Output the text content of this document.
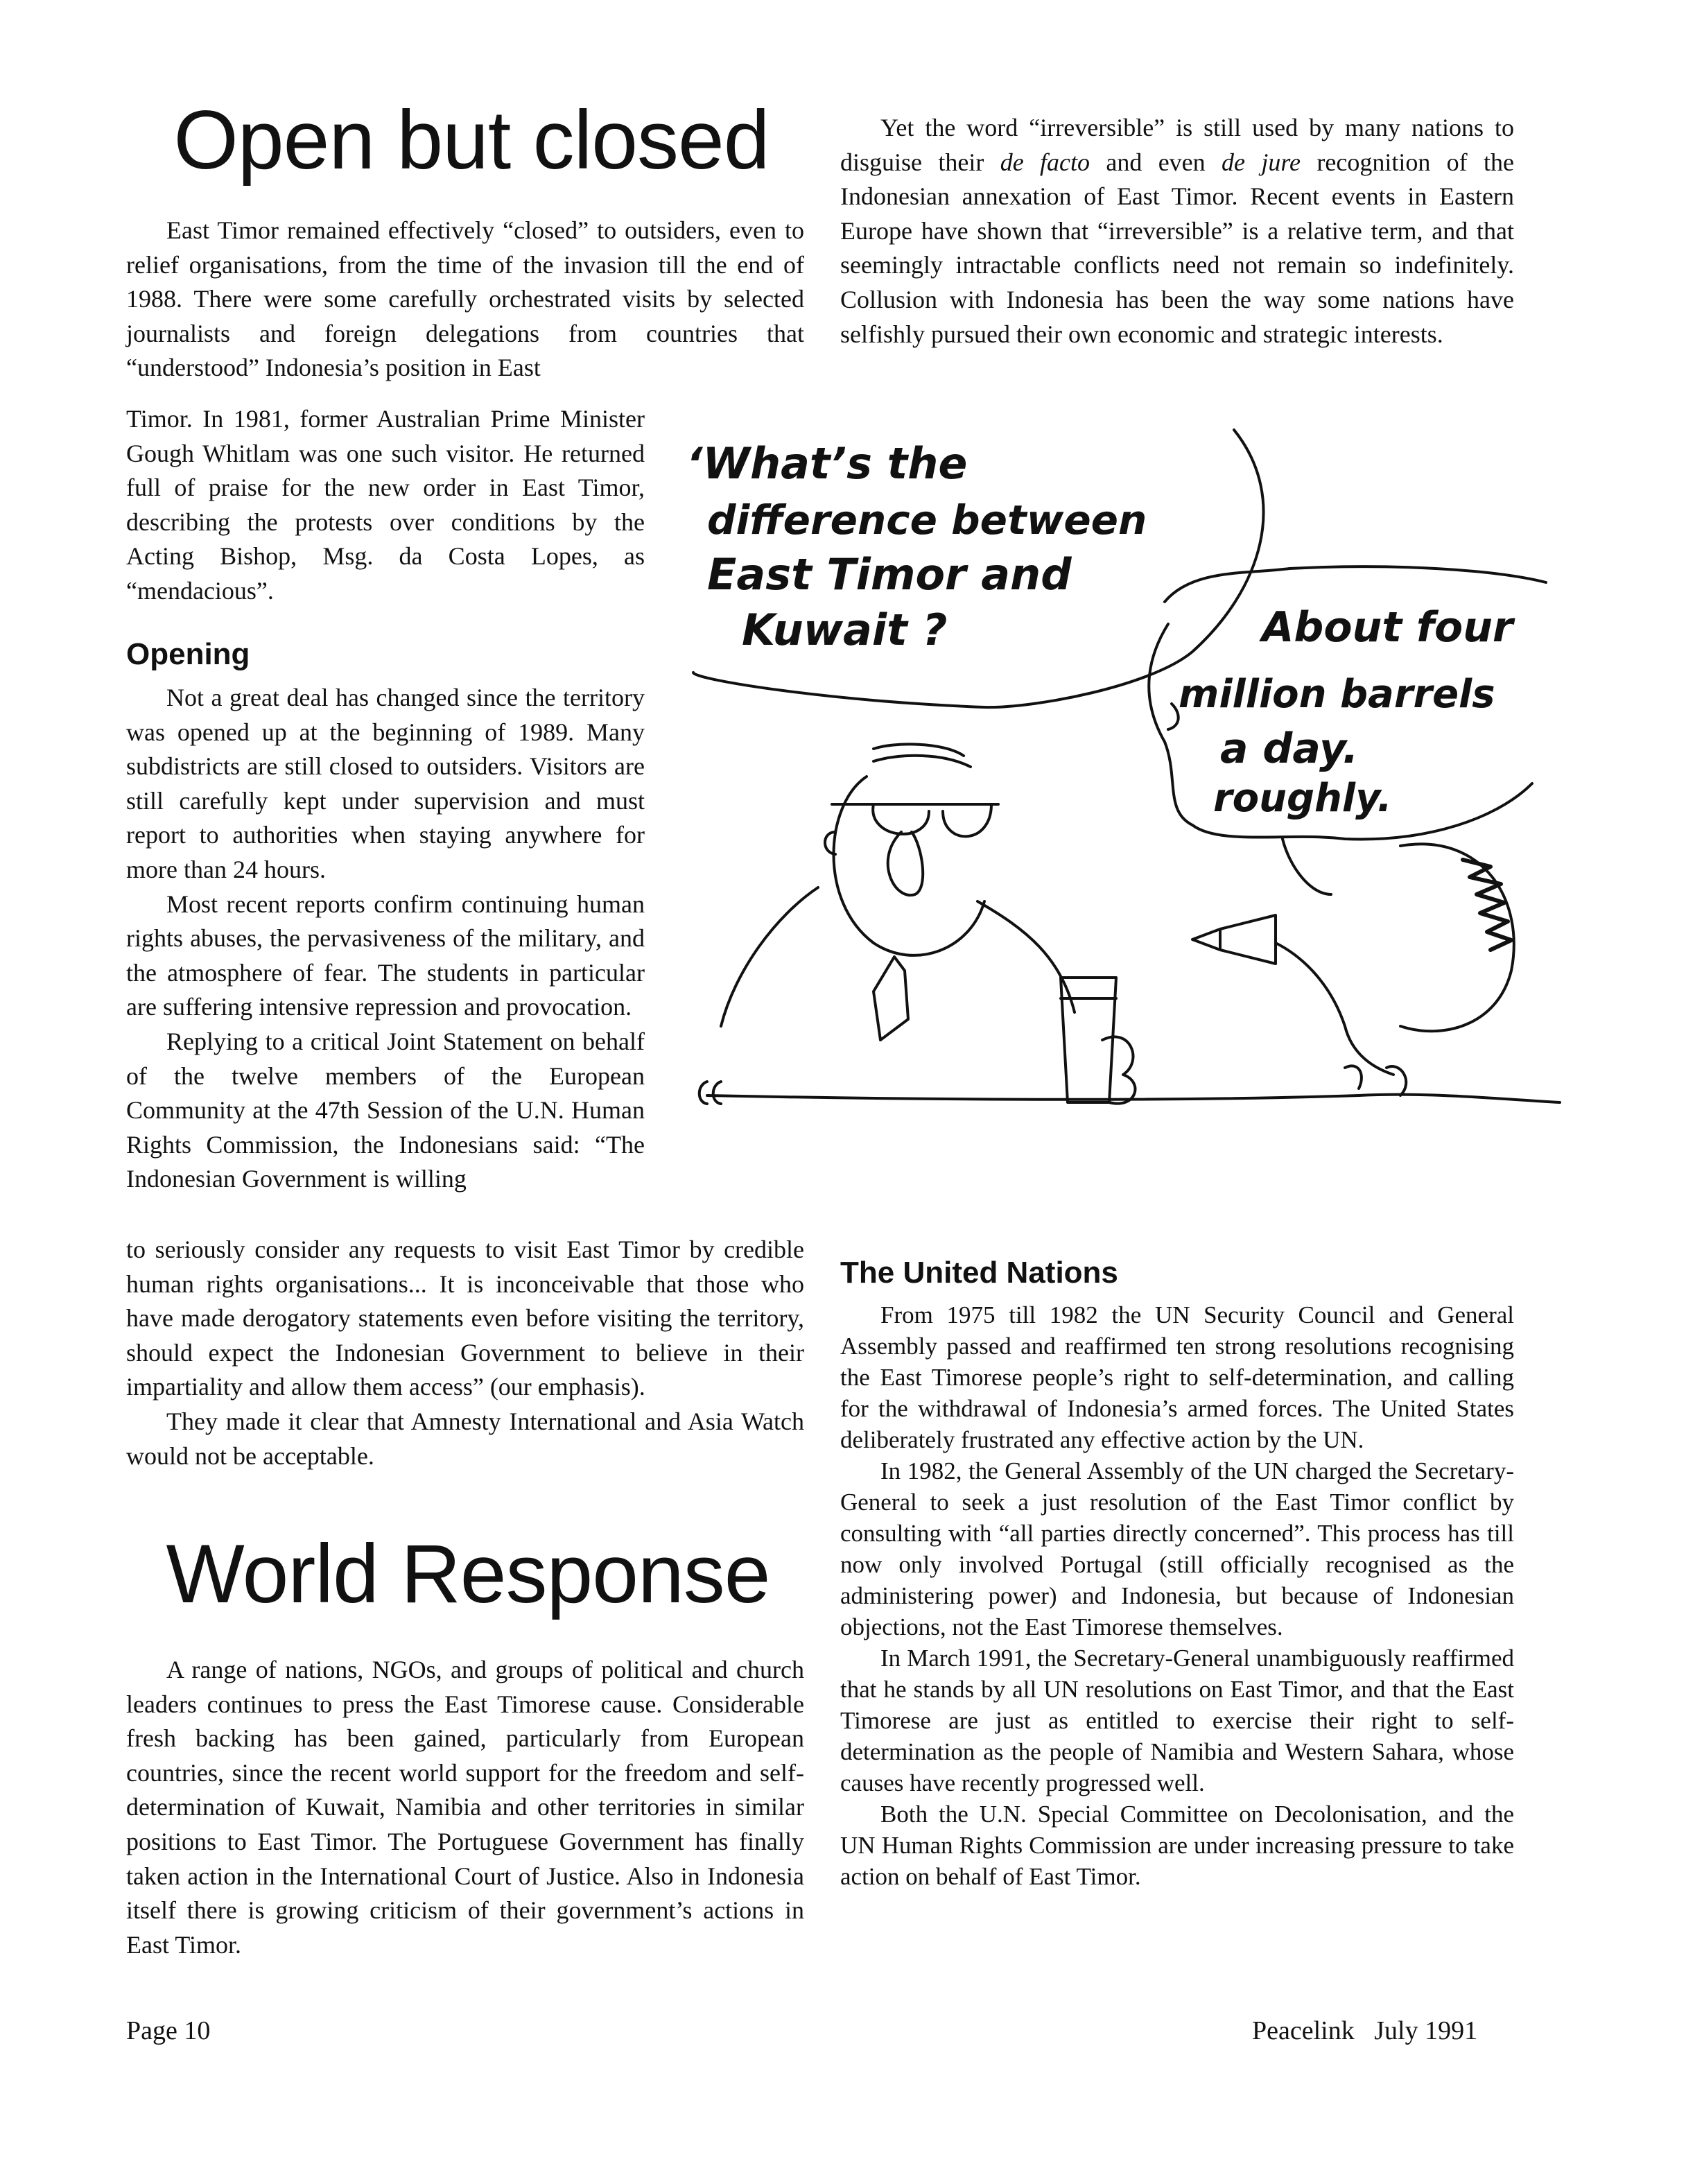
Open but closed

East Timor remained effectively “closed” to outsiders, even to relief organisations, from the time of the invasion till the end of 1988. There were some carefully orchestrated visits by selected journalists and foreign delegations from countries that “understood” Indonesia’s position in East

Timor. In 1981, former Australian Prime Minister Gough Whitlam was one such visitor. He returned full of praise for the new order in East Timor, describing the protests over conditions by the Acting Bishop, Msg. da Costa Lopes, as “mendacious”.

Opening

Not a great deal has changed since the territory was opened up at the beginning of 1989. Many subdistricts are still closed to outsiders. Visitors are still carefully kept under supervision and must report to authorities when staying anywhere for more than 24 hours.

Most recent reports confirm continuing human rights abuses, the pervasiveness of the military, and the atmosphere of fear. The students in particular are suffering intensive repression and provocation.

Replying to a critical Joint Statement on behalf of the twelve members of the European Community at the 47th Session of the U.N. Human Rights Commission, the Indonesians said: “The Indonesian Government is willing

to seriously consider any requests to visit East Timor by credible human rights organisations... It is inconceivable that those who have made derogatory statements even before visiting the territory, should expect the Indonesian Government to believe in their impartiality and allow them access” (our emphasis).

They made it clear that Amnesty International and Asia Watch would not be acceptable.

Yet the word “irreversible” is still used by many nations to disguise their de facto and even de jure recognition of the Indonesian annexation of East Timor. Recent events in Eastern Europe have shown that “irreversible” is a relative term, and that seemingly intractable conflicts need not remain so indefinitely. Collusion with Indonesia has been the way some nations have selfishly pursued their own economic and strategic interests.

‘What’s the
difference between
East Timor and
Kuwait ?	About four
million barrels
a day.
roughly.
World Response

A range of nations, NGOs, and groups of political and church leaders continues to press the East Timorese cause. Considerable fresh backing has been gained, particularly from European countries, since the recent world support for the freedom and self-determination of Kuwait, Namibia and other territories in similar positions to East Timor. The Portuguese Government has finally taken action in the International Court of Justice. Also in Indonesia itself there is growing criticism of their government’s actions in East Timor.

The United Nations

From 1975 till 1982 the UN Security Council and General Assembly passed and reaffirmed ten strong resolutions recognising the East Timorese people’s right to self-determination, and calling for the withdrawal of Indonesia’s armed forces. The United States deliberately frustrated any effective action by the UN.

In 1982, the General Assembly of the UN charged the Secretary-General to seek a just resolution of the East Timor conflict by consulting with “all parties directly concerned”. This process has till now only involved Portugal (still officially recognised as the administering power) and Indonesia, but because of Indonesian objections, not the East Timorese themselves.

In March 1991, the Secretary-General unambiguously reaffirmed that he stands by all UN resolutions on East Timor, and that the East Timorese are just as entitled to exercise their right to self- determination as the people of Namibia and Western Sahara, whose causes have recently progressed well.

Both the U.N. Special Committee on Decolonisation, and the UN Human Rights Commission are under increasing pressure to take action on behalf of East Timor.

Page 10	Peacelink July 1991
